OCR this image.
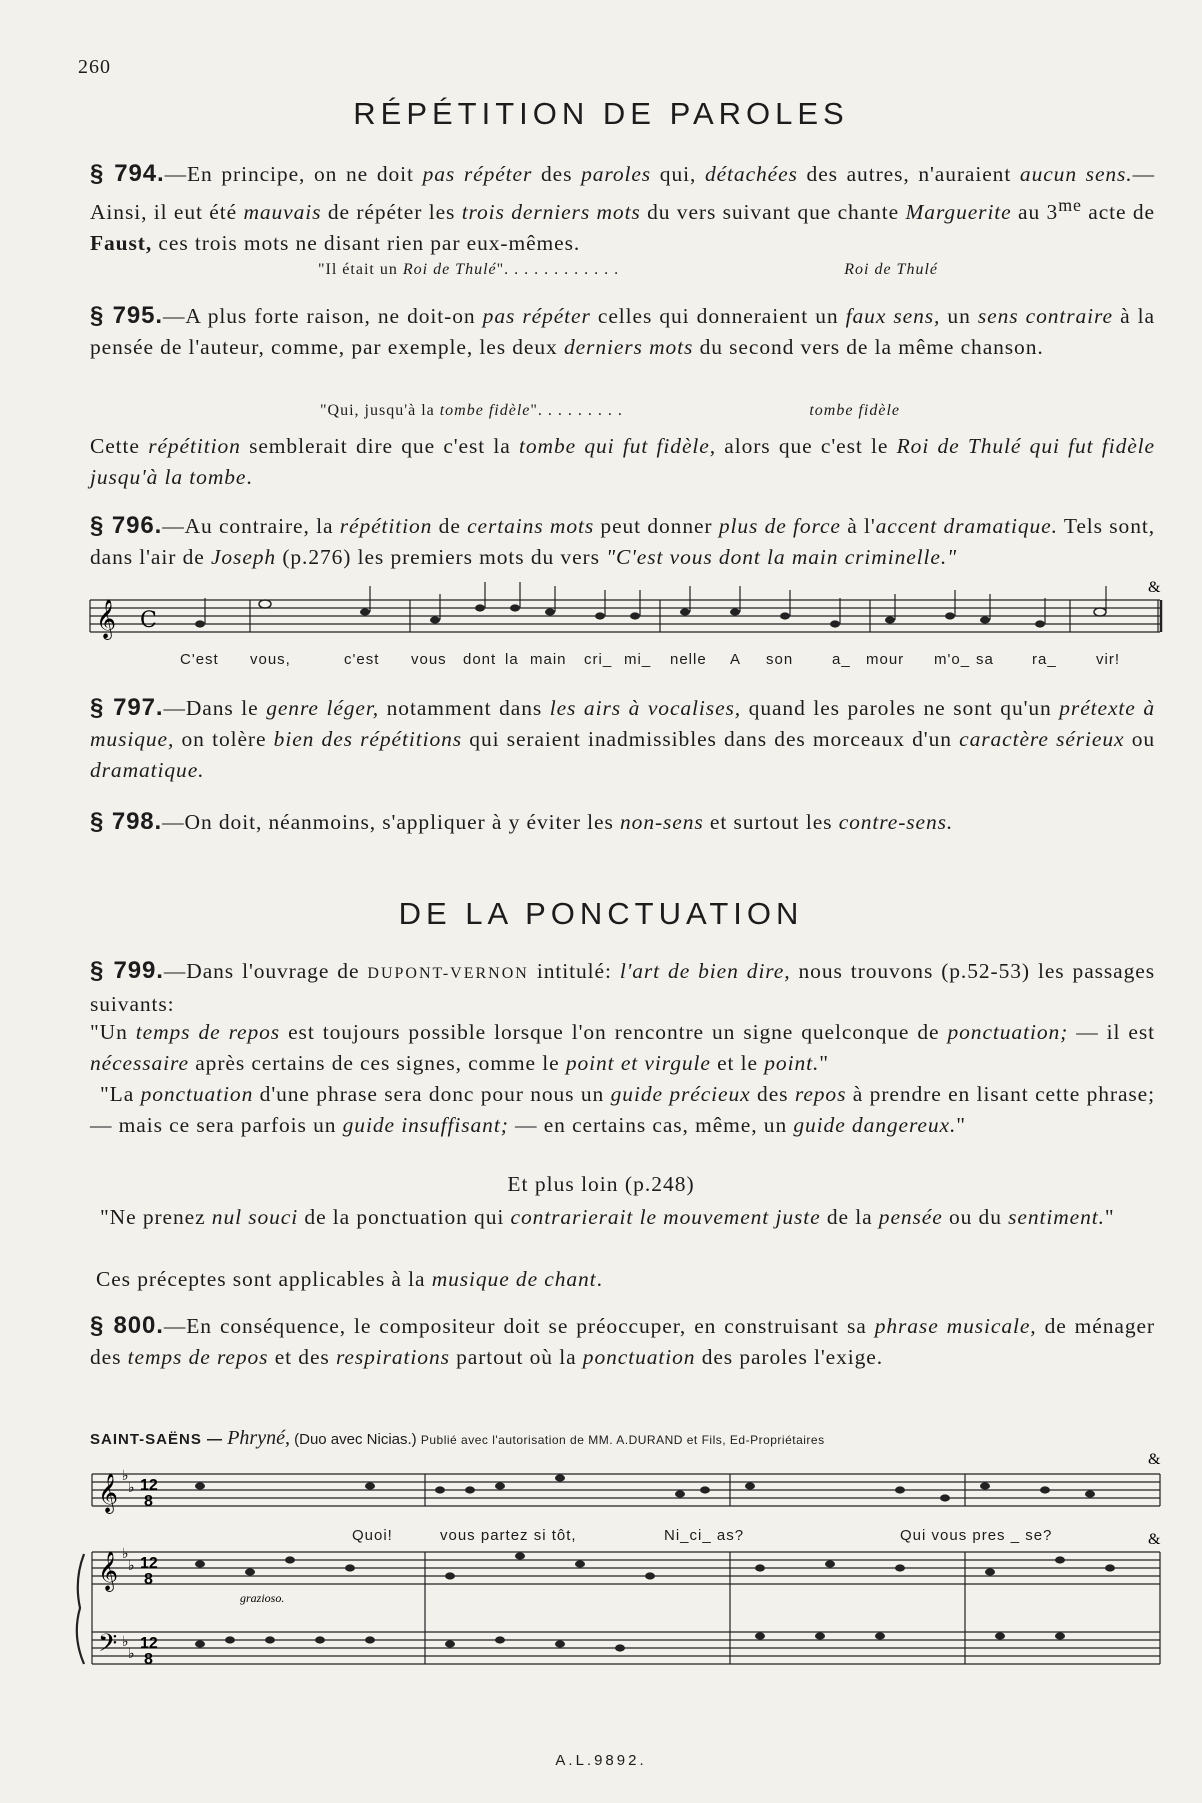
260
RÉPÉTITION DE PAROLES

§ 794.—En principe, on ne doit pas répéter des paroles qui, détachées des autres, n'auraient aucun sens.— Ainsi, il eut été mauvais de répéter les trois derniers mots du vers suivant que chante Marguerite au $3^{me}$ acte de Faust, ces trois mots ne disant rien par eux-mêmes.

"Il était un Roi de Thulé". . . . . . . . . . . .	Roi de Thulé

§ 795.—A plus forte raison, ne doit-on pas répéter celles qui donneraient un faux sens, un sens contraire à la pensée de l'auteur, comme, par exemple, les deux derniers mots du second vers de la même chanson.

"Qui, jusqu'à la tombe fidèle". . . . . . . . .	tombe fidèle

Cette répétition semblerait dire que c'est la tombe qui fut fidèle, alors que c'est le Roi de Thulé qui fut fidèle jusqu'à la tombe.

§ 796.—Au contraire, la répétition de certains mots peut donner plus de force à l'accent dramatique. Tels sont, dans l'air de Joseph (p.276) les premiers mots du vers "C'est vous dont la main criminelle."

𝄞 C
&
C'est vous,	c'est vous dont la main cri_ mi_ nelle A son	a_ mour m'o_ sa	ra_	vir!

§ 797.—Dans le genre léger, notamment dans les airs à vocalises, quand les paroles ne sont qu'un prétexte à musique, on tolère bien des répétitions qui seraient inadmissibles dans des morceaux d'un caractère sérieux ou dramatique.

§ 798.—On doit, néanmoins, s'appliquer à y éviter les non-sens et surtout les contre-sens.

DE LA PONCTUATION

§ 799.—Dans l'ouvrage de DUPONT-VERNON intitulé: l'art de bien dire, nous trouvons (p.52-53) les passages suivants:

"Un temps de repos est toujours possible lorsque l'on rencontre un signe quelconque de ponctuation; — il est nécessaire après certains de ces signes, comme le point et virgule et le point."

"La ponctuation d'une phrase sera donc pour nous un guide précieux des repos à prendre en lisant cette phrase; — mais ce sera parfois un guide insuffisant; — en certains cas, même, un guide dangereux."

Et plus loin (p.248)

"Ne prenez nul souci de la ponctuation qui contrarierait le mouvement juste de la pensée ou du sentiment."

Ces préceptes sont applicables à la musique de chant.

§ 800.—En conséquence, le compositeur doit se préoccuper, en construisant sa phrase musicale, de ménager des temps de repos et des respirations partout où la ponctuation des paroles l'exige.

SAINT-SAËNS — Phryné, (Duo avec Nicias.) Publié avec l'autorisation de MM. A.DURAND et Fils, Ed-Propriétaires
𝄞
𝄞
𝄢
♭
♭
♭
♭
♭
♭
12
8
12
8
12
8
&
&
grazioso.
Quoi!	vous partez si tôt,	Ni_ci_ as?	Qui vous pres _ se?
A.L.9892.
